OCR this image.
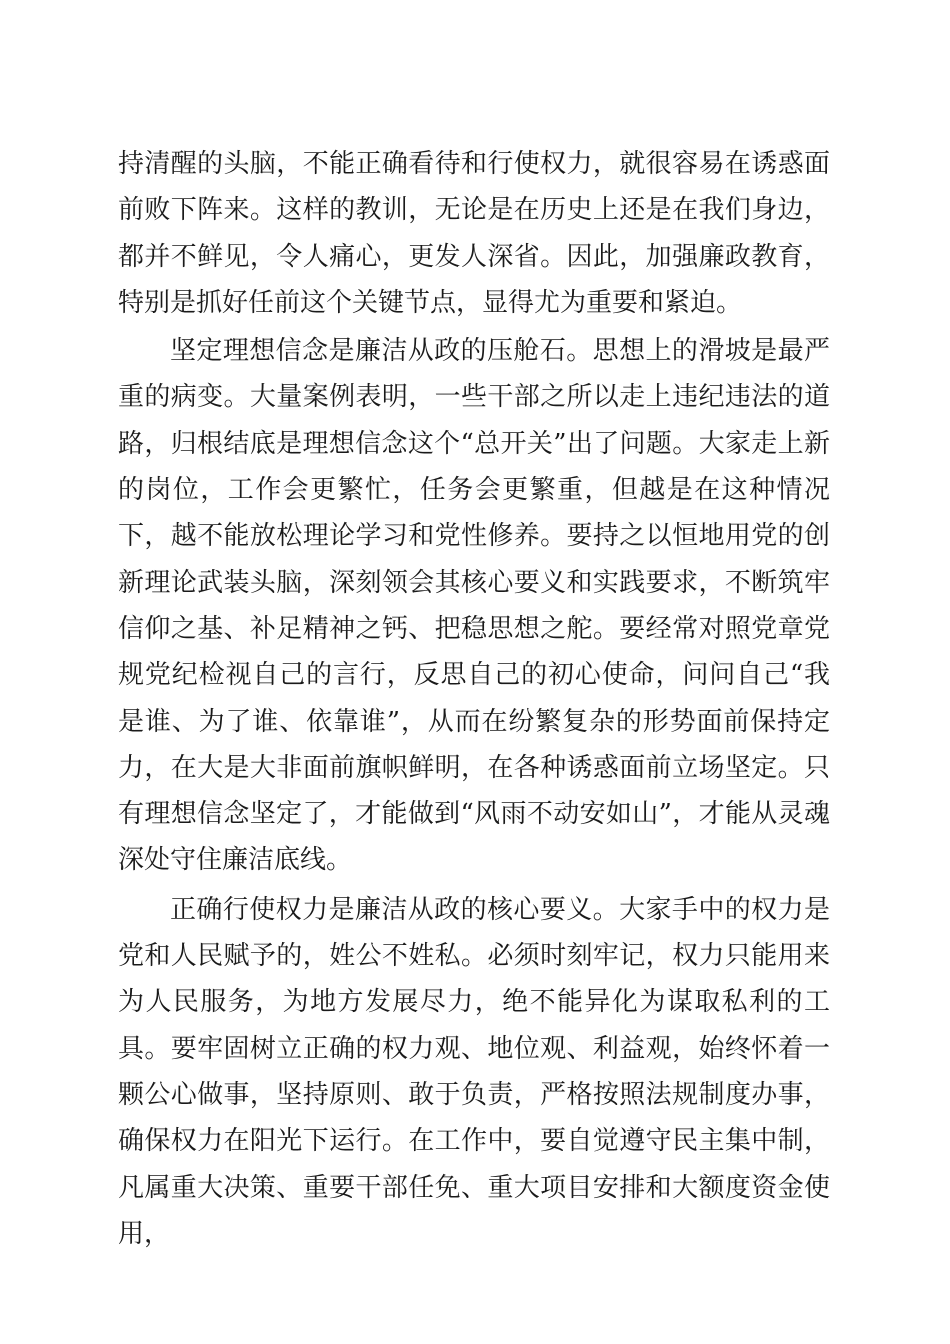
持清醒的头脑，不能正确看待和行使权力，就很容易在诱惑面前败下阵来。这样的教训，无论是在历史上还是在我们身边，都并不鲜见，令人痛心，更发人深省。因此，加强廉政教育，特别是抓好任前这个关键节点，显得尤为重要和紧迫。

坚定理想信念是廉洁从政的压舱石。思想上的滑坡是最严重的病变。大量案例表明，一些干部之所以走上违纪违法的道路，归根结底是理想信念这个“总开关”出了问题。大家走上新的岗位，工作会更繁忙，任务会更繁重，但越是在这种情况下，越不能放松理论学习和党性修养。要持之以恒地用党的创新理论武装头脑，深刻领会其核心要义和实践要求，不断筑牢信仰之基、补足精神之钙、把稳思想之舵。要经常对照党章党规党纪检视自己的言行，反思自己的初心使命，问问自己“我是谁、为了谁、依靠谁”，从而在纷繁复杂的形势面前保持定力，在大是大非面前旗帜鲜明，在各种诱惑面前立场坚定。只有理想信念坚定了，才能做到“风雨不动安如山”，才能从灵魂深处守住廉洁底线。

正确行使权力是廉洁从政的核心要义。大家手中的权力是党和人民赋予的，姓公不姓私。必须时刻牢记，权力只能用来为人民服务，为地方发展尽力，绝不能异化为谋取私利的工具。要牢固树立正确的权力观、地位观、利益观，始终怀着一颗公心做事，坚持原则、敢于负责，严格按照法规制度办事，确保权力在阳光下运行。在工作中，要自觉遵守民主集中制，凡属重大决策、重要干部任免、重大项目安排和大额度资金使用，
